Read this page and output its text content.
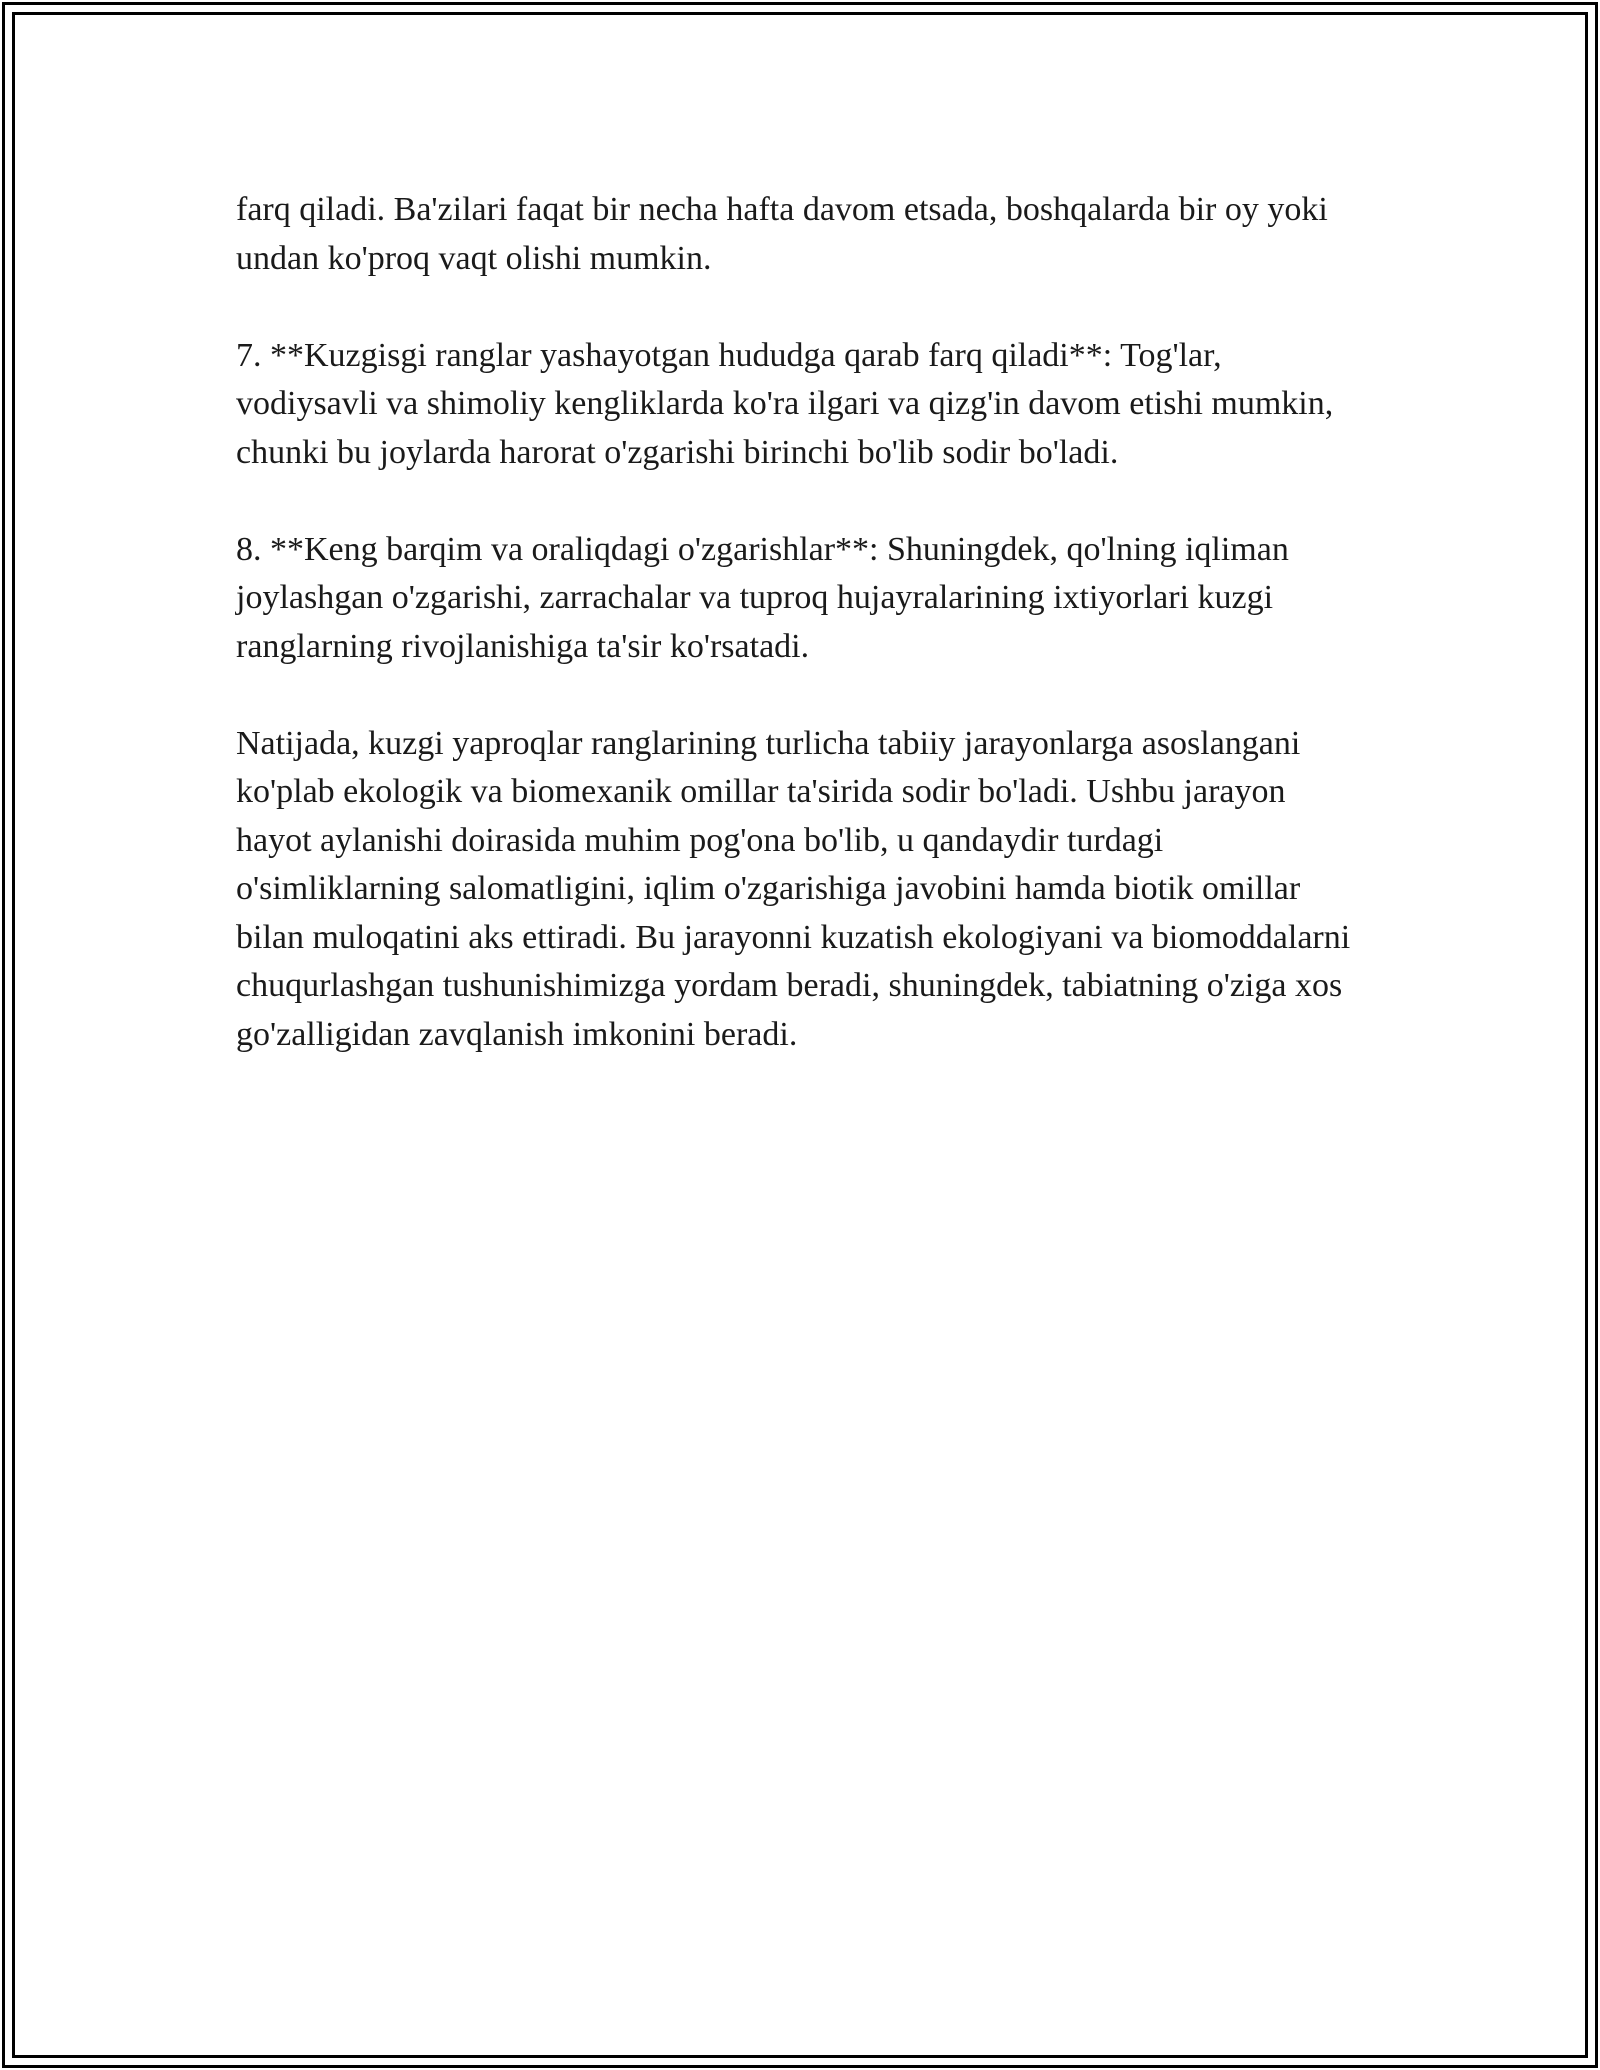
farq qiladi. Ba'zilari faqat bir necha hafta davom etsada, boshqalarda bir oy yoki undan ko'proq vaqt olishi mumkin.

7. **Kuzgisgi ranglar yashayotgan hududga qarab farq qiladi**: Tog'lar, vodiysavli va shimoliy kengliklarda ko'ra ilgari va qizg'in davom etishi mumkin, chunki bu joylarda harorat o'zgarishi birinchi bo'lib sodir bo'ladi.

8. **Keng barqim va oraliqdagi o'zgarishlar**: Shuningdek, qo'lning iqliman joylashgan o'zgarishi, zarrachalar va tuproq hujayralarining ixtiyorlari kuzgi ranglarning rivojlanishiga ta'sir ko'rsatadi.

Natijada, kuzgi yaproqlar ranglarining turlicha tabiiy jarayonlarga asoslangani ko'plab ekologik va biomexanik omillar ta'sirida sodir bo'ladi. Ushbu jarayon hayot aylanishi doirasida muhim pog'ona bo'lib, u qandaydir turdagi o'simliklarning salomatligini, iqlim o'zgarishiga javobini hamda biotik omillar bilan muloqatini aks ettiradi. Bu jarayonni kuzatish ekologiyani va biomoddalarni chuqurlashgan tushunishimizga yordam beradi, shuningdek, tabiatning o'ziga xos go'zalligidan zavqlanish imkonini beradi.
